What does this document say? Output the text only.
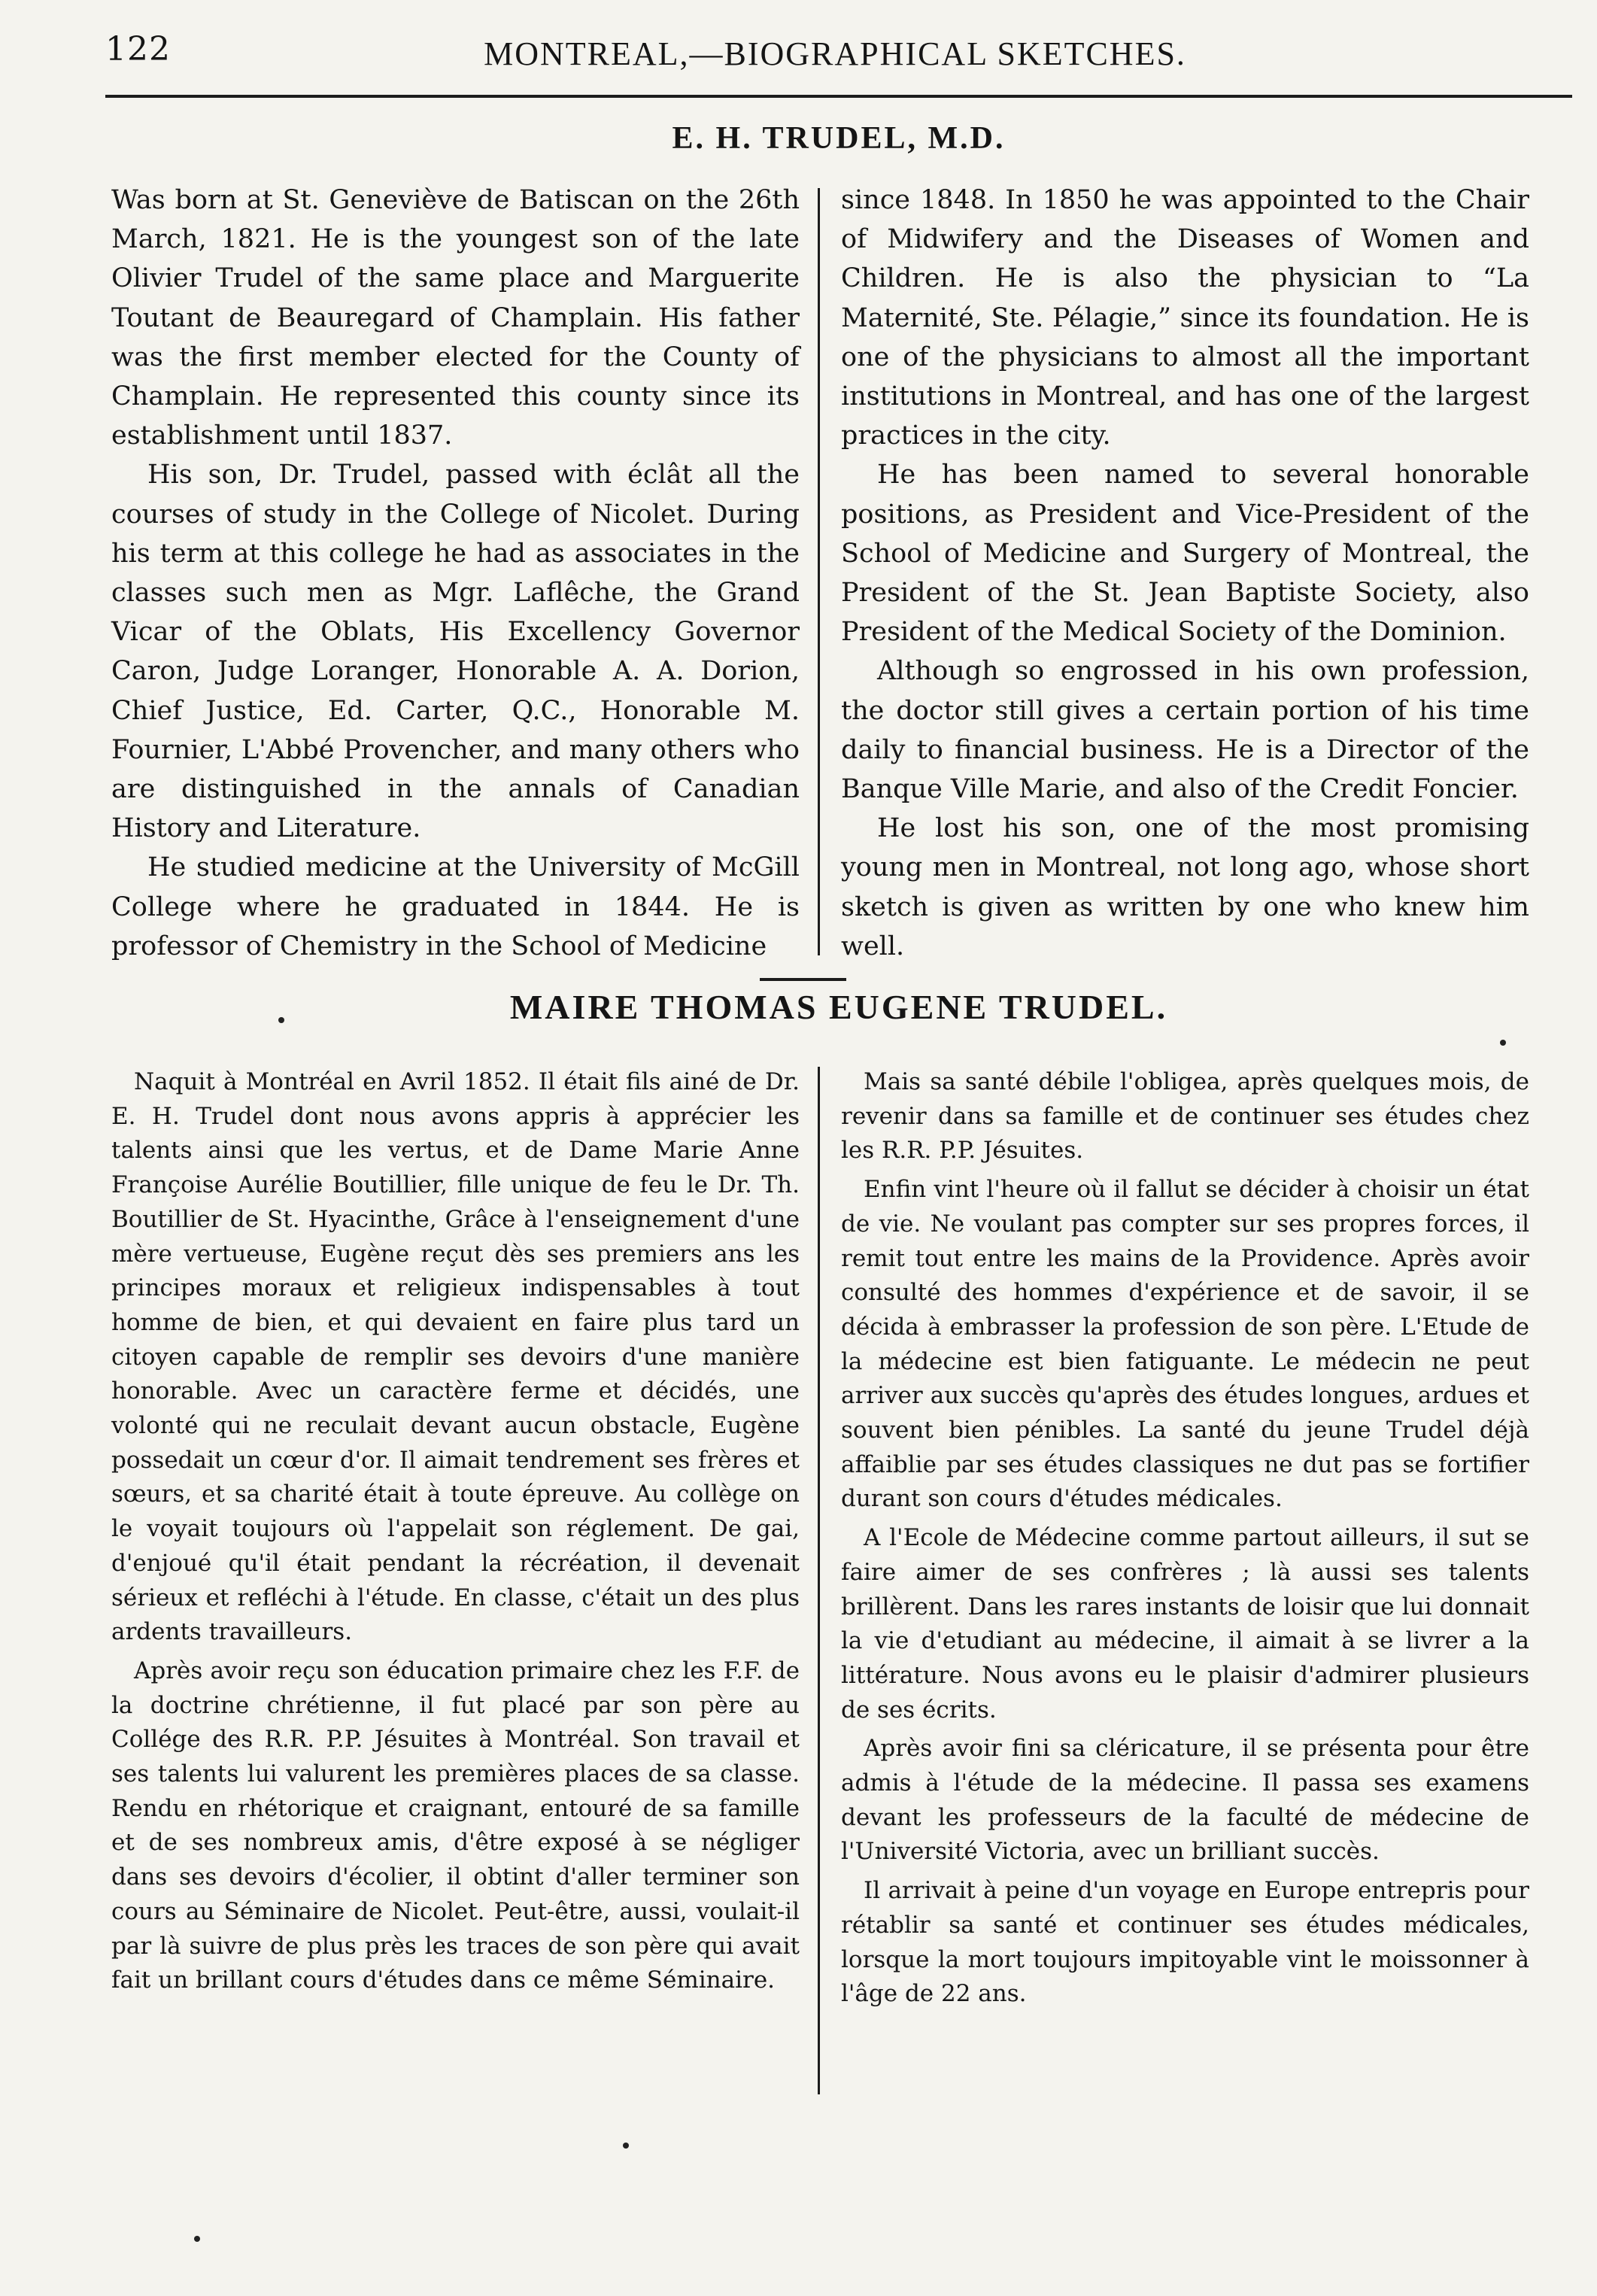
122	MONTREAL,—BIOGRAPHICAL SKETCHES.
E. H. TRUDEL, M.D.

Was born at St. Geneviève de Batiscan on the 26th March, 1821. He is the youngest son of the late Olivier Trudel of the same place and Marguerite Toutant de Beauregard of Champlain. His father was the first member elected for the County of Champlain. He represented this county since its establishment until 1837.

His son, Dr. Trudel, passed with éclât all the courses of study in the College of Nicolet. During his term at this college he had as associates in the classes such men as Mgr. Laflêche, the Grand Vicar of the Oblats, His Excellency Governor Caron, Judge Loranger, Honorable A. A. Dorion, Chief Justice, Ed. Carter, Q.C., Honorable M. Fournier, L'Abbé Provencher, and many others who are distinguished in the annals of Canadian History and Literature.

He studied medicine at the University of McGill College where he graduated in 1844. He is professor of Chemistry in the School of Medicine

since 1848. In 1850 he was appointed to the Chair of Midwifery and the Diseases of Women and Children. He is also the physician to “La Maternité, Ste. Pélagie,” since its foundation. He is one of the physicians to almost all the important institutions in Montreal, and has one of the largest practices in the city.

He has been named to several honorable positions, as President and Vice-President of the School of Medicine and Surgery of Montreal, the President of the St. Jean Baptiste Society, also President of the Medical Society of the Dominion.

Although so engrossed in his own profession, the doctor still gives a certain portion of his time daily to financial business. He is a Director of the Banque Ville Marie, and also of the Credit Foncier.

He lost his son, one of the most promising young men in Montreal, not long ago, whose short sketch is given as written by one who knew him well.

MAIRE THOMAS EUGENE TRUDEL.

Naquit à Montréal en Avril 1852. Il était fils ainé de Dr. E. H. Trudel dont nous avons appris à apprécier les talents ainsi que les vertus, et de Dame Marie Anne Françoise Aurélie Boutillier, fille unique de feu le Dr. Th. Boutillier de St. Hyacinthe, Grâce à l'enseignement d'une mère vertueuse, Eugène reçut dès ses premiers ans les principes moraux et religieux indispensables à tout homme de bien, et qui devaient en faire plus tard un citoyen capable de remplir ses devoirs d'une manière honorable. Avec un caractère ferme et décidés, une volonté qui ne reculait devant aucun obstacle, Eugène possedait un cœur d'or. Il aimait tendrement ses frères et sœurs, et sa charité était à toute épreuve. Au collège on le voyait toujours où l'appelait son réglement. De gai, d'enjoué qu'il était pendant la récréation, il devenait sérieux et refléchi à l'étude. En classe, c'était un des plus ardents travailleurs.

Après avoir reçu son éducation primaire chez les F.F. de la doctrine chrétienne, il fut placé par son père au Collége des R.R. P.P. Jésuites à Montréal. Son travail et ses talents lui valurent les premières places de sa classe. Rendu en rhétorique et craignant, entouré de sa famille et de ses nombreux amis, d'être exposé à se négliger dans ses devoirs d'écolier, il obtint d'aller terminer son cours au Séminaire de Nicolet. Peut-être, aussi, voulait-il par là suivre de plus près les traces de son père qui avait fait un brillant cours d'études dans ce même Séminaire.

Mais sa santé débile l'obligea, après quelques mois, de revenir dans sa famille et de continuer ses études chez les R.R. P.P. Jésuites.

Enfin vint l'heure où il fallut se décider à choisir un état de vie. Ne voulant pas compter sur ses propres forces, il remit tout entre les mains de la Providence. Après avoir consulté des hommes d'expérience et de savoir, il se décida à embrasser la profession de son père. L'Etude de la médecine est bien fatiguante. Le médecin ne peut arriver aux succès qu'après des études longues, ardues et souvent bien pénibles. La santé du jeune Trudel déjà affaiblie par ses études classiques ne dut pas se fortifier durant son cours d'études médicales.

A l'Ecole de Médecine comme partout ailleurs, il sut se faire aimer de ses confrères ; là aussi ses talents brillèrent. Dans les rares instants de loisir que lui donnait la vie d'etudiant au médecine, il aimait à se livrer a la littérature. Nous avons eu le plaisir d'admirer plusieurs de ses écrits.

Après avoir fini sa cléricature, il se présenta pour être admis à l'étude de la médecine. Il passa ses examens devant les professeurs de la faculté de médecine de l'Université Victoria, avec un brilliant succès.

Il arrivait à peine d'un voyage en Europe entrepris pour rétablir sa santé et continuer ses études médicales, lorsque la mort toujours impitoyable vint le moissonner à l'âge de 22 ans.
